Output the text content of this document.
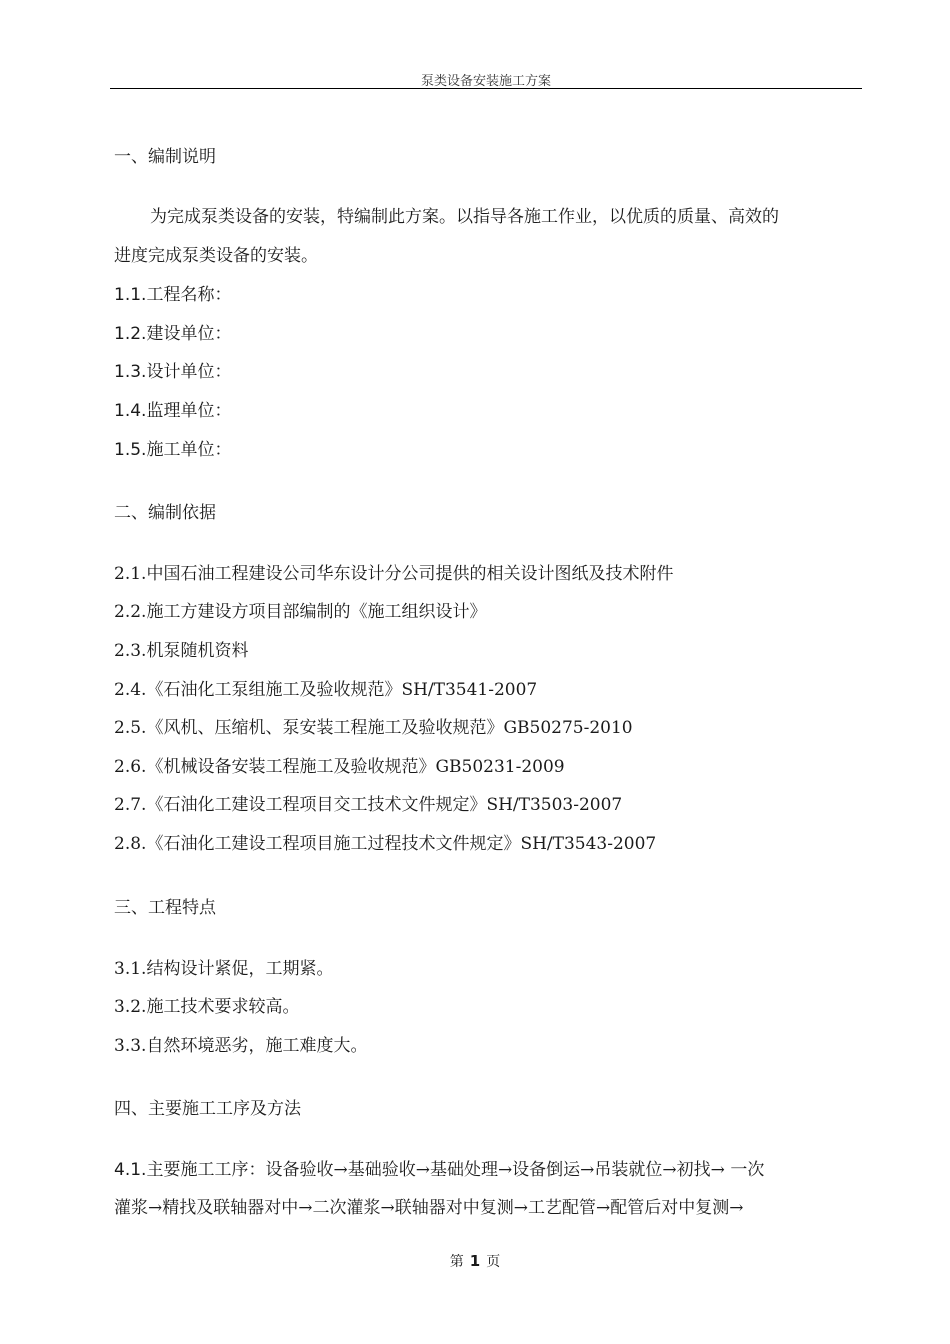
泵类设备安装施工方案
一、编制说明
为完成泵类设备的安装，特编制此方案。以指导各施工作业，以优质的质量、高效的
进度完成泵类设备的安装。
1.1.工程名称：
1.2.建设单位：
1.3.设计单位：
1.4.监理单位：
1.5.施工单位：
二、编制依据
2.1.中国石油工程建设公司华东设计分公司提供的相关设计图纸及技术附件
2.2.施工方建设方项目部编制的《施工组织设计》
2.3.机泵随机资料
2.4.《石油化工泵组施工及验收规范》SH/T3541-2007
2.5.《风机、压缩机、泵安装工程施工及验收规范》GB50275-2010
2.6.《机械设备安装工程施工及验收规范》GB50231-2009
2.7.《石油化工建设工程项目交工技术文件规定》SH/T3503-2007
2.8.《石油化工建设工程项目施工过程技术文件规定》SH/T3543-2007
三、工程特点
3.1.结构设计紧促，工期紧。
3.2.施工技术要求较高。
3.3.自然环境恶劣，施工难度大。
四、主要施工工序及方法
4.1.主要施工工序：设备验收→基础验收→基础处理→设备倒运→吊装就位→初找→ 一次
灌浆→精找及联轴器对中→二次灌浆→联轴器对中复测→工艺配管→配管后对中复测→
第 1 页
